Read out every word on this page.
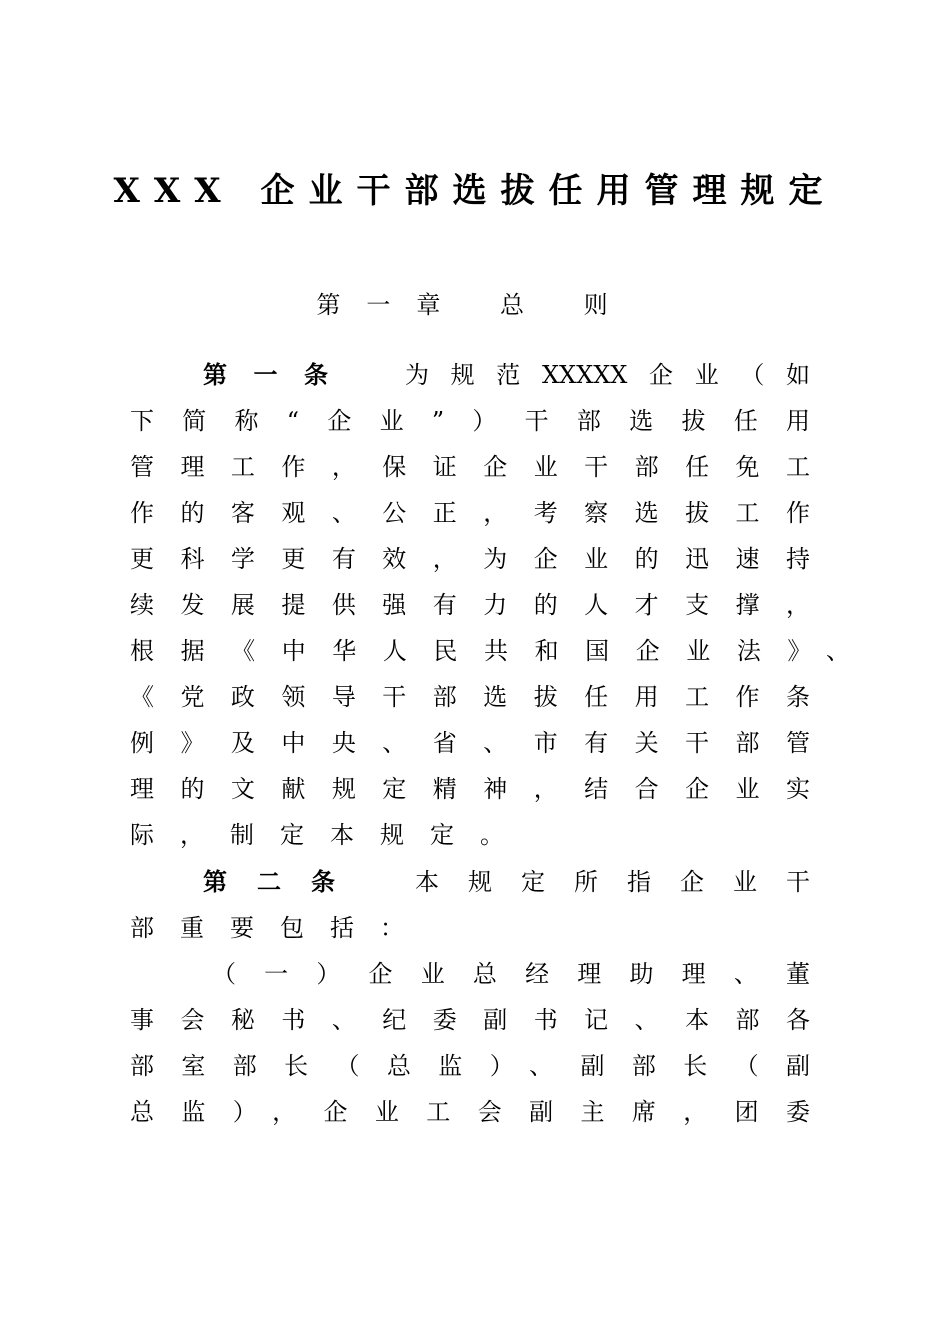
XXX 企业干部选拔任用管理规定
第一章 总 则
第一条	为规范XXXXX企业（如
下简称“企业”）干部选拔任用
管理工作，保证企业干部任免工
作的客观、公正，考察选拔工作
更科学更有效，为企业的迅速持
续发展提供强有力的人才支撑，
根据《中华人民共和国企业法》、
《党政领导干部选拔任用工作条
例》及中央、省、市有关干部管
理的文献规定精神，结合企业实
际，制定本规定。
第二条	本规定所指企业干
部重要包括：
（一）企业总经理助理、董
事会秘书、纪委副书记、本部各
部室部长（总监）、副部长（副
总监），企业工会副主席，团委
